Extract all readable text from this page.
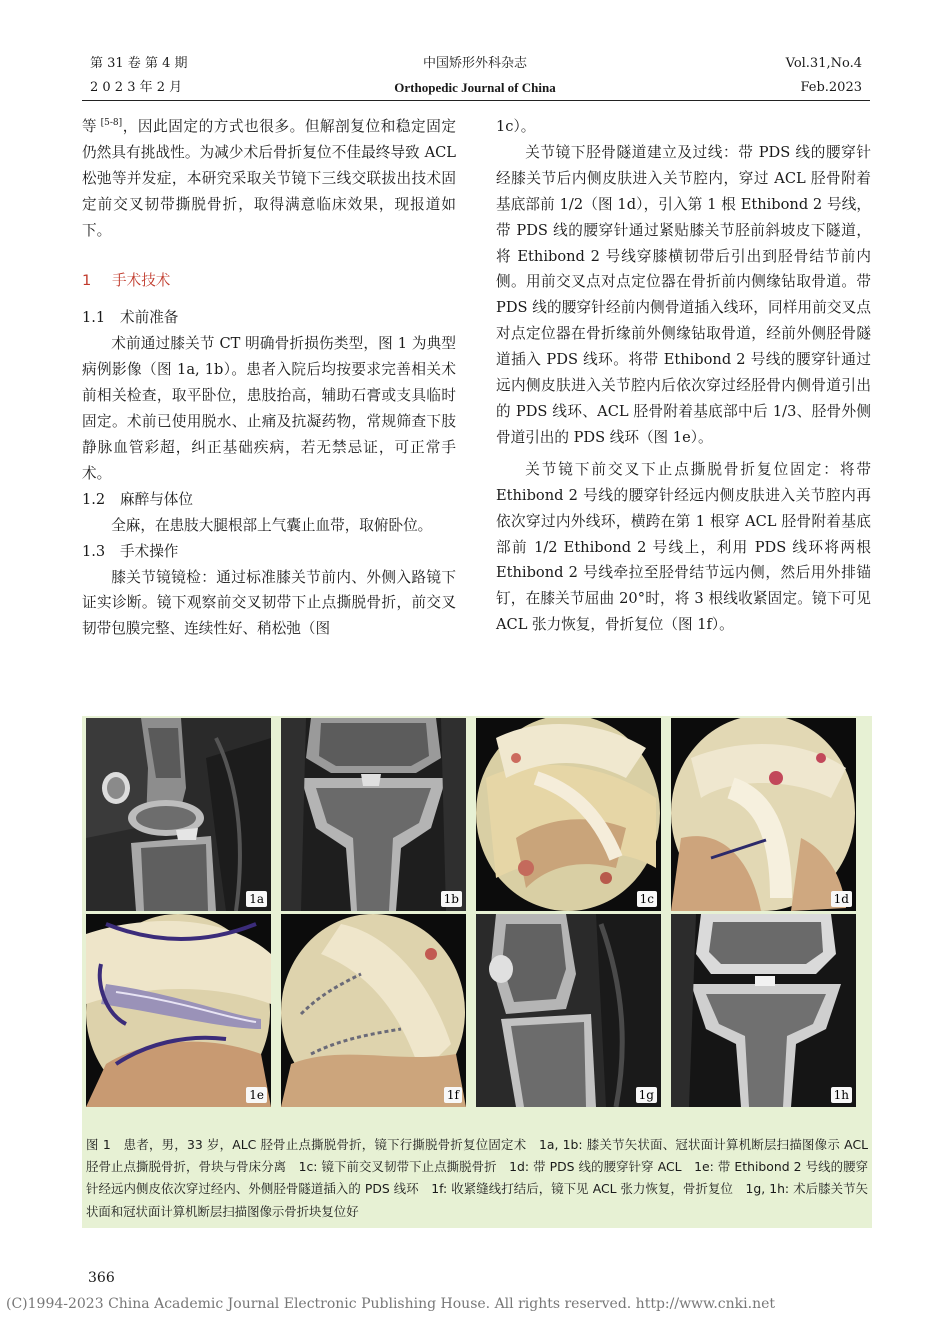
第 31 卷 第 4 期
2 0 2 3 年 2 月
中国矫形外科杂志
Orthopedic Journal of China
Vol.31,No.4
Feb.2023

等 [5-8]，因此固定的方式也很多。但解剖复位和稳定固定仍然具有挑战性。为减少术后骨折复位不佳最终导致 ACL 松弛等并发症，本研究采取关节镜下三线交联拔出技术固定前交叉韧带撕脱骨折，取得满意临床效果，现报道如下。

1 手术技术

1.1 术前准备

术前通过膝关节 CT 明确骨折损伤类型，图 1 为典型病例影像（图 1a, 1b）。患者入院后均按要求完善相关术前相关检查，取平卧位，患肢抬高，辅助石膏或支具临时固定。术前已使用脱水、止痛及抗凝药物，常规筛查下肢静脉血管彩超，纠正基础疾病，若无禁忌证，可正常手术。

1.2 麻醉与体位

全麻，在患肢大腿根部上气囊止血带，取俯卧位。

1.3 手术操作

膝关节镜镜检：通过标准膝关节前内、外侧入路镜下证实诊断。镜下观察前交叉韧带下止点撕脱骨折，前交叉韧带包膜完整、连续性好、稍松弛（图

1c）。

关节镜下胫骨隧道建立及过线：带 PDS 线的腰穿针经膝关节后内侧皮肤进入关节腔内，穿过 ACL 胫骨附着基底部前 1/2（图 1d），引入第 1 根 Ethibond 2 号线，带 PDS 线的腰穿针通过紧贴膝关节胫前斜坡皮下隧道，将 Ethibond 2 号线穿膝横韧带后引出到胫骨结节前内侧。用前交叉点对点定位器在骨折前内侧缘钻取骨道。带 PDS 线的腰穿针经前内侧骨道插入线环，同样用前交叉点对点定位器在骨折缘前外侧缘钻取骨道，经前外侧胫骨隧道插入 PDS 线环。将带 Ethibond 2 号线的腰穿针通过远内侧皮肤进入关节腔内后依次穿过经胫骨内侧骨道引出的 PDS 线环、ACL 胫骨附着基底部中后 1/3、胫骨外侧骨道引出的 PDS 线环（图 1e）。

关节镜下前交叉下止点撕脱骨折复位固定：将带 Ethibond 2 号线的腰穿针经远内侧皮肤进入关节腔内再依次穿过内外线环，横跨在第 1 根穿 ACL 胫骨附着基底部前 1/2 Ethibond 2 号线上，利用 PDS 线环将两根 Ethibond 2 号线牵拉至胫骨结节远内侧，然后用外排锚钉，在膝关节屈曲 20°时，将 3 根线收紧固定。镜下可见 ACL 张力恢复，骨折复位（图 1f）。

1a	1b	1c	1d
1e	1f	1g	1h
图 1　患者，男，33 岁，ALC 胫骨止点撕脱骨折，镜下行撕脱骨折复位固定术　1a, 1b: 膝关节矢状面、冠状面计算机断层扫描图像示 ACL 胫骨止点撕脱骨折，骨块与骨床分离　1c: 镜下前交叉韧带下止点撕脱骨折　1d: 带 PDS 线的腰穿针穿 ACL　1e: 带 Ethibond 2 号线的腰穿针经远内侧皮依次穿过经内、外侧胫骨隧道插入的 PDS 线环　1f: 收紧缝线打结后，镜下见 ACL 张力恢复，骨折复位　1g, 1h: 术后膝关节矢状面和冠状面计算机断层扫描图像示骨折块复位好
366
(C)1994-2023 China Academic Journal Electronic Publishing House. All rights reserved. http://www.cnki.net
